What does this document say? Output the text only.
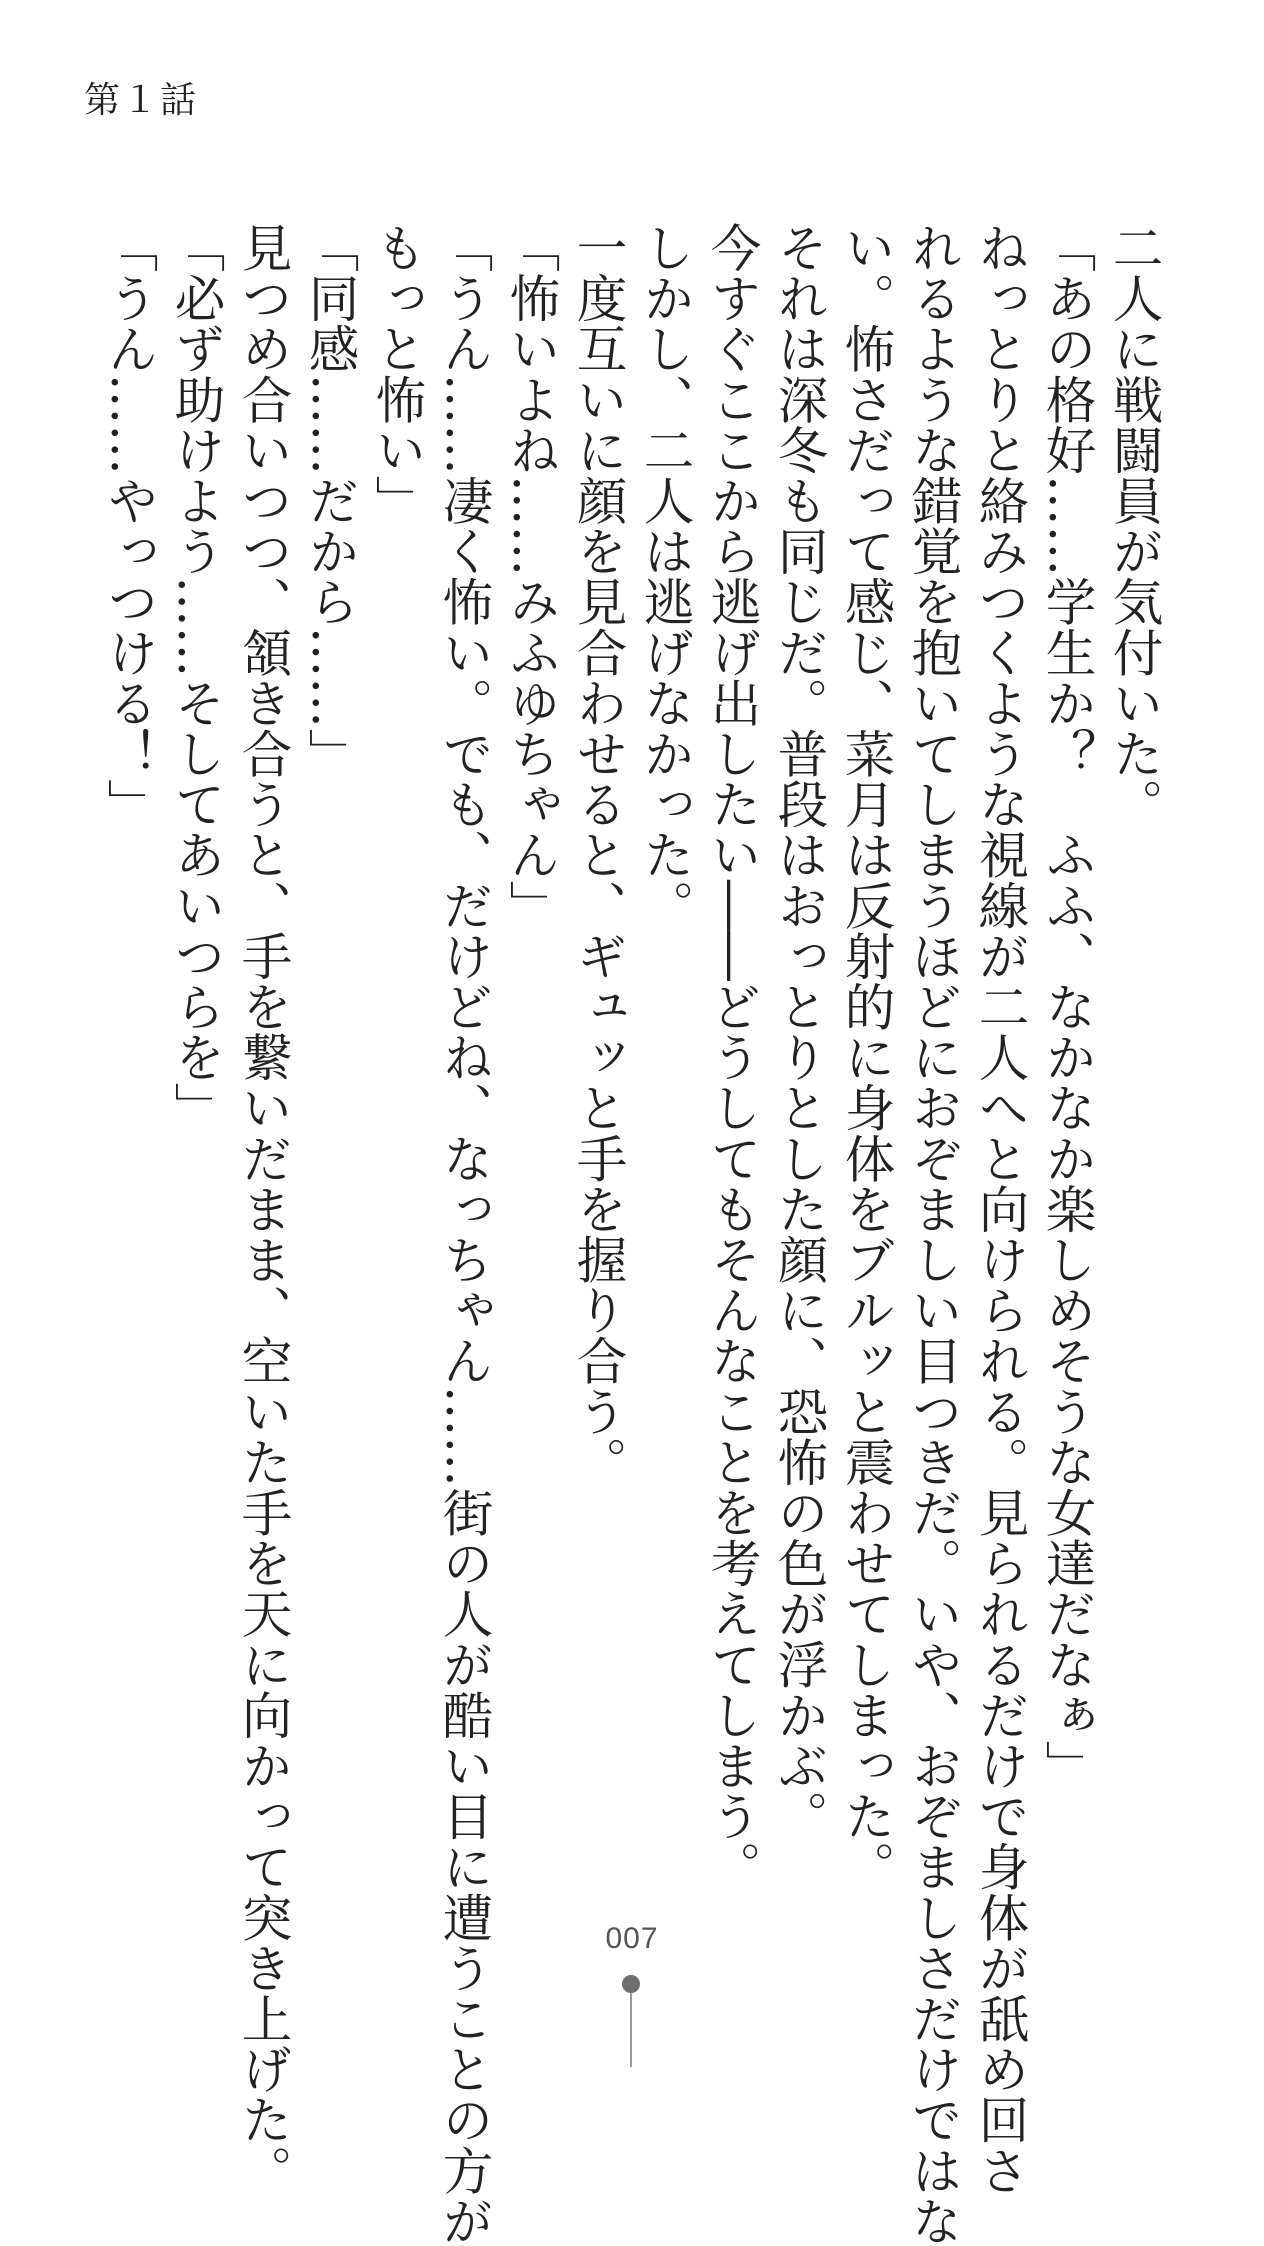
第１話
二人に戦闘員が気付いた。
「あの格好……学生か？　ふふ、なかなか楽しめそうな女達だなぁ」
ねっとりと絡みつくような視線が二人へと向けられる。見られるだけで身体が舐め回さ
れるような錯覚を抱いてしまうほどにおぞましい目つきだ。いや、おぞましさだけではな
い。怖さだって感じ、菜月は反射的に身体をブルッと震わせてしまった。
それは深冬も同じだ。普段はおっとりとした顔に、恐怖の色が浮かぶ。
今すぐここから逃げ出したい――どうしてもそんなことを考えてしまう。
しかし、二人は逃げなかった。
一度互いに顔を見合わせると、ギュッと手を握り合う。
「怖いよね……みふゆちゃん」
「うん……凄く怖い。でも、だけどね、なっちゃん……街の人が酷い目に遭うことの方が
もっと怖い」
「同感……だから……」
見つめ合いつつ、頷き合うと、手を繋いだまま、空いた手を天に向かって突き上げた。
「必ず助けよう……そしてあいつらを」
「うん……やっつける！」
007
